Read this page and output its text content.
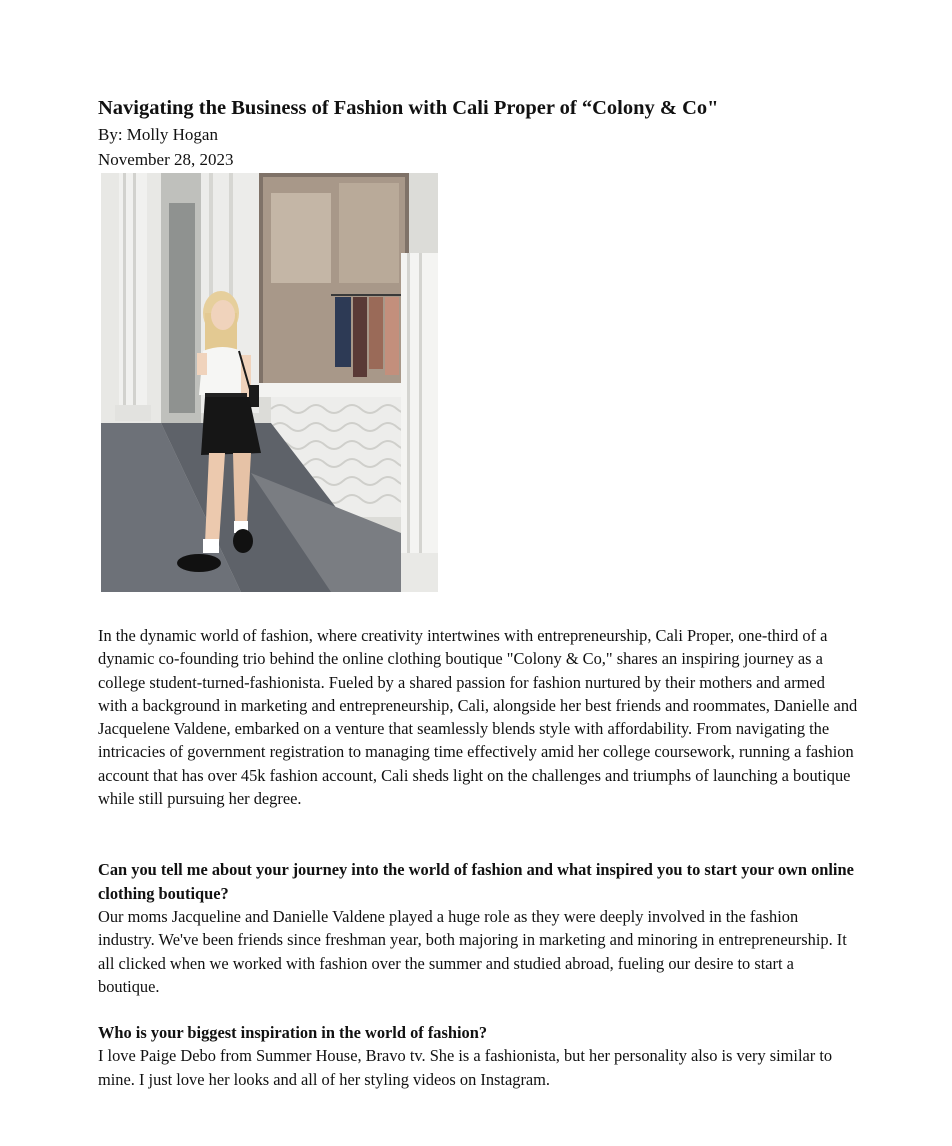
Navigating the Business of Fashion with Cali Proper of “Colony & Co"

By: Molly Hogan

November 28, 2023

In the dynamic world of fashion, where creativity intertwines with entrepreneurship, Cali Proper, one-third of a dynamic co-founding trio behind the online clothing boutique "Colony & Co," shares an inspiring journey as a college student-turned-fashionista. Fueled by a shared passion for fashion nurtured by their mothers and armed with a background in marketing and entrepreneurship, Cali, alongside her best friends and roommates, Danielle and Jacquelene Valdene, embarked on a venture that seamlessly blends style with affordability. From navigating the intricacies of government registration to managing time effectively amid her college coursework, running a fashion account that has over 45k fashion account, Cali sheds light on the challenges and triumphs of launching a boutique while still pursuing her degree.

Can you tell me about your journey into the world of fashion and what inspired you to start your own online clothing boutique?

Our moms Jacqueline and Danielle Valdene played a huge role as they were deeply involved in the fashion industry. We've been friends since freshman year, both majoring in marketing and minoring in entrepreneurship. It all clicked when we worked with fashion over the summer and studied abroad, fueling our desire to start a boutique.

Who is your biggest inspiration in the world of fashion?

I love Paige Debo from Summer House, Bravo tv. She is a fashionista, but her personality also is very similar to mine. I just love her looks and all of her styling videos on Instagram.
